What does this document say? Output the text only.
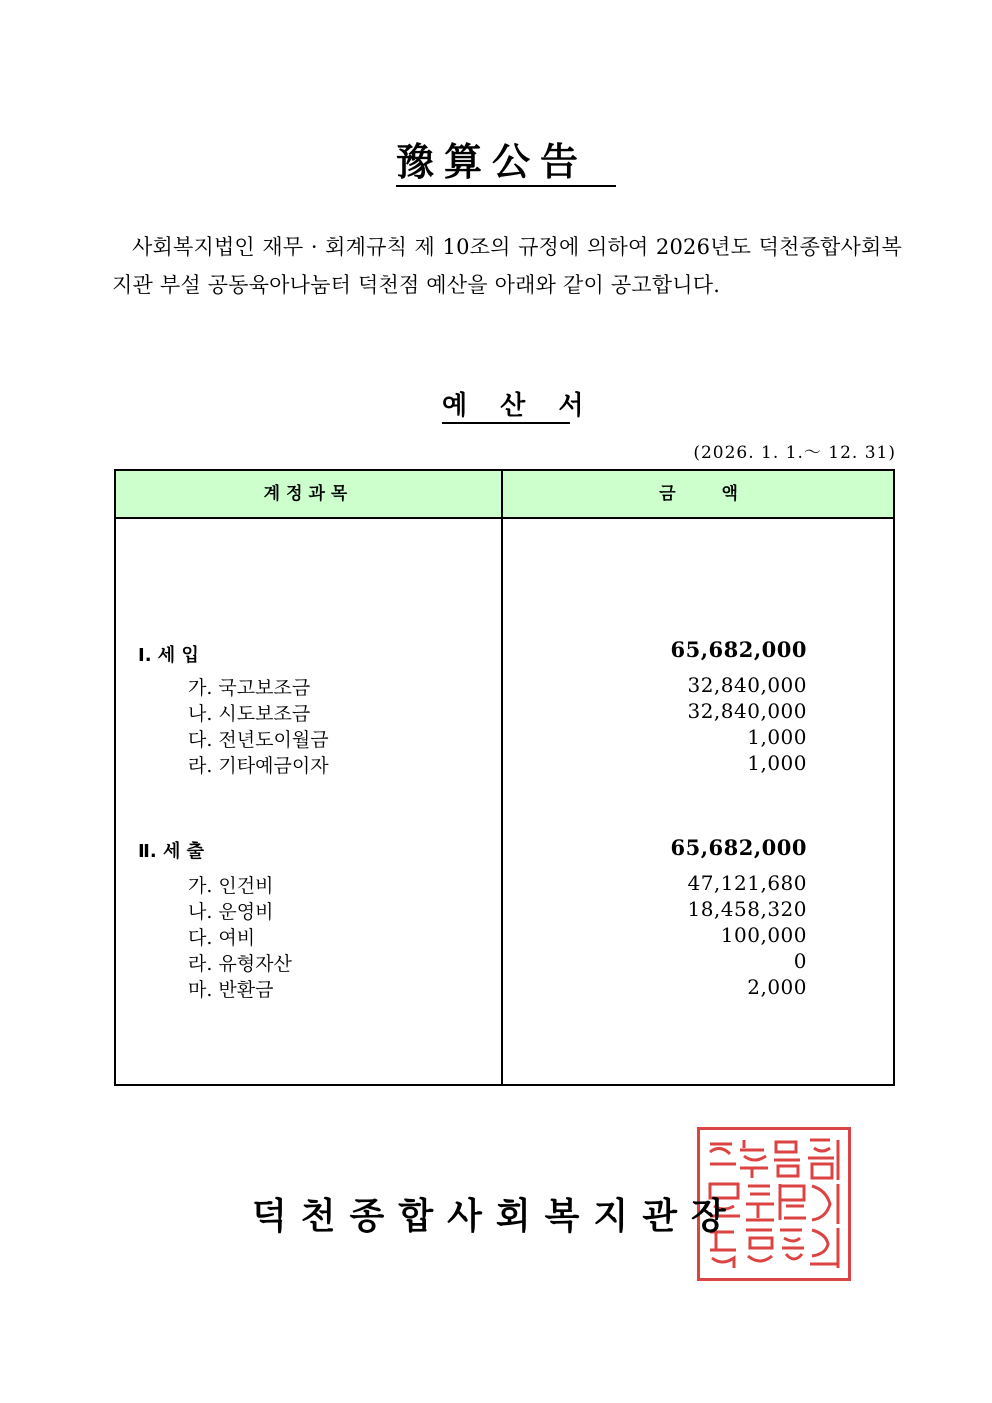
豫算公告
사회복지법인 재무 · 회계규칙 제 10조의 규정에 의하여 2026년도 덕천종합사회복지관 부설 공동육아나눔터 덕천점 예산을 아래와 같이 공고합니다.
예 산 서
(2026. 1. 1.～ 12. 31)
계정과목	금 액
Ⅰ. 세 입	65,682,000
가. 국고보조금	32,840,000
나. 시도보조금	32,840,000
다. 전년도이월금	1,000
라. 기타예금이자	1,000
Ⅱ. 세 출	65,682,000
가. 인건비	47,121,680
나. 운영비	18,458,320
다. 여비	100,000
라. 유형자산	0
마. 반환금	2,000
덕천종합사회복지관장
